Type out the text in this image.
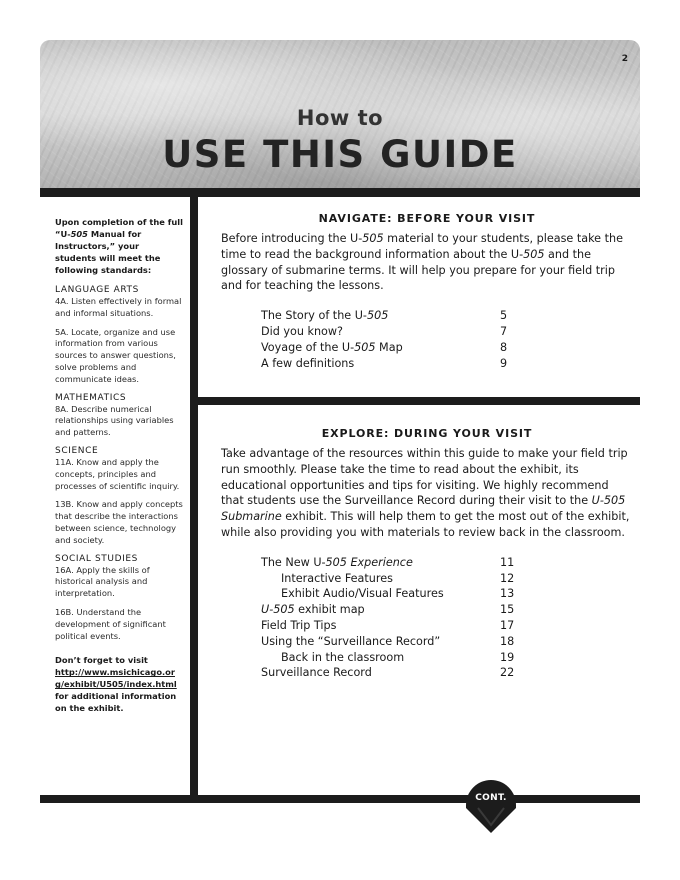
2
How to
USE THIS GUIDE

Upon completion of the full “U-505 Manual for Instructors,” your students will meet the following standards:

LANGUAGE ARTS

4A. Listen effectively in formal and informal situations.

5A. Locate, organize and use information from various sources to answer questions, solve problems and communicate ideas.

MATHEMATICS

8A. Describe numerical relationships using variables and patterns.

SCIENCE

11A. Know and apply the concepts, principles and processes of scientific inquiry.

13B. Know and apply concepts that describe the interactions between science, technology and society.

SOCIAL STUDIES

16A. Apply the skills of historical analysis and interpretation.

16B. Understand the development of significant political events.

Don’t forget to visit
http://www.msichicago.org/exhibit/U505/index.html
for additional information on the exhibit.

NAVIGATE: BEFORE YOUR VISIT

Before introducing the U-505 material to your students, please take the time to read the background information about the U-505 and the glossary of submarine terms. It will help you prepare for your field trip and for teaching the lessons.

The Story of the U-505	5
Did you know?	7
Voyage of the U-505 Map	8
A few definitions	9

EXPLORE: DURING YOUR VISIT

Take advantage of the resources within this guide to make your field trip run smoothly. Please take the time to read about the exhibit, its educational opportunities and tips for visiting. We highly recommend that students use the Surveillance Record during their visit to the U-505 Submarine exhibit. This will help them to get the most out of the exhibit, while also providing you with materials to review back in the classroom.

The New U-505 Experience	11
Interactive Features	12
Exhibit Audio/Visual Features	13
U-505 exhibit map	15
Field Trip Tips	17
Using the “Surveillance Record”	18
Back in the classroom	19
Surveillance Record	22
CONT.
